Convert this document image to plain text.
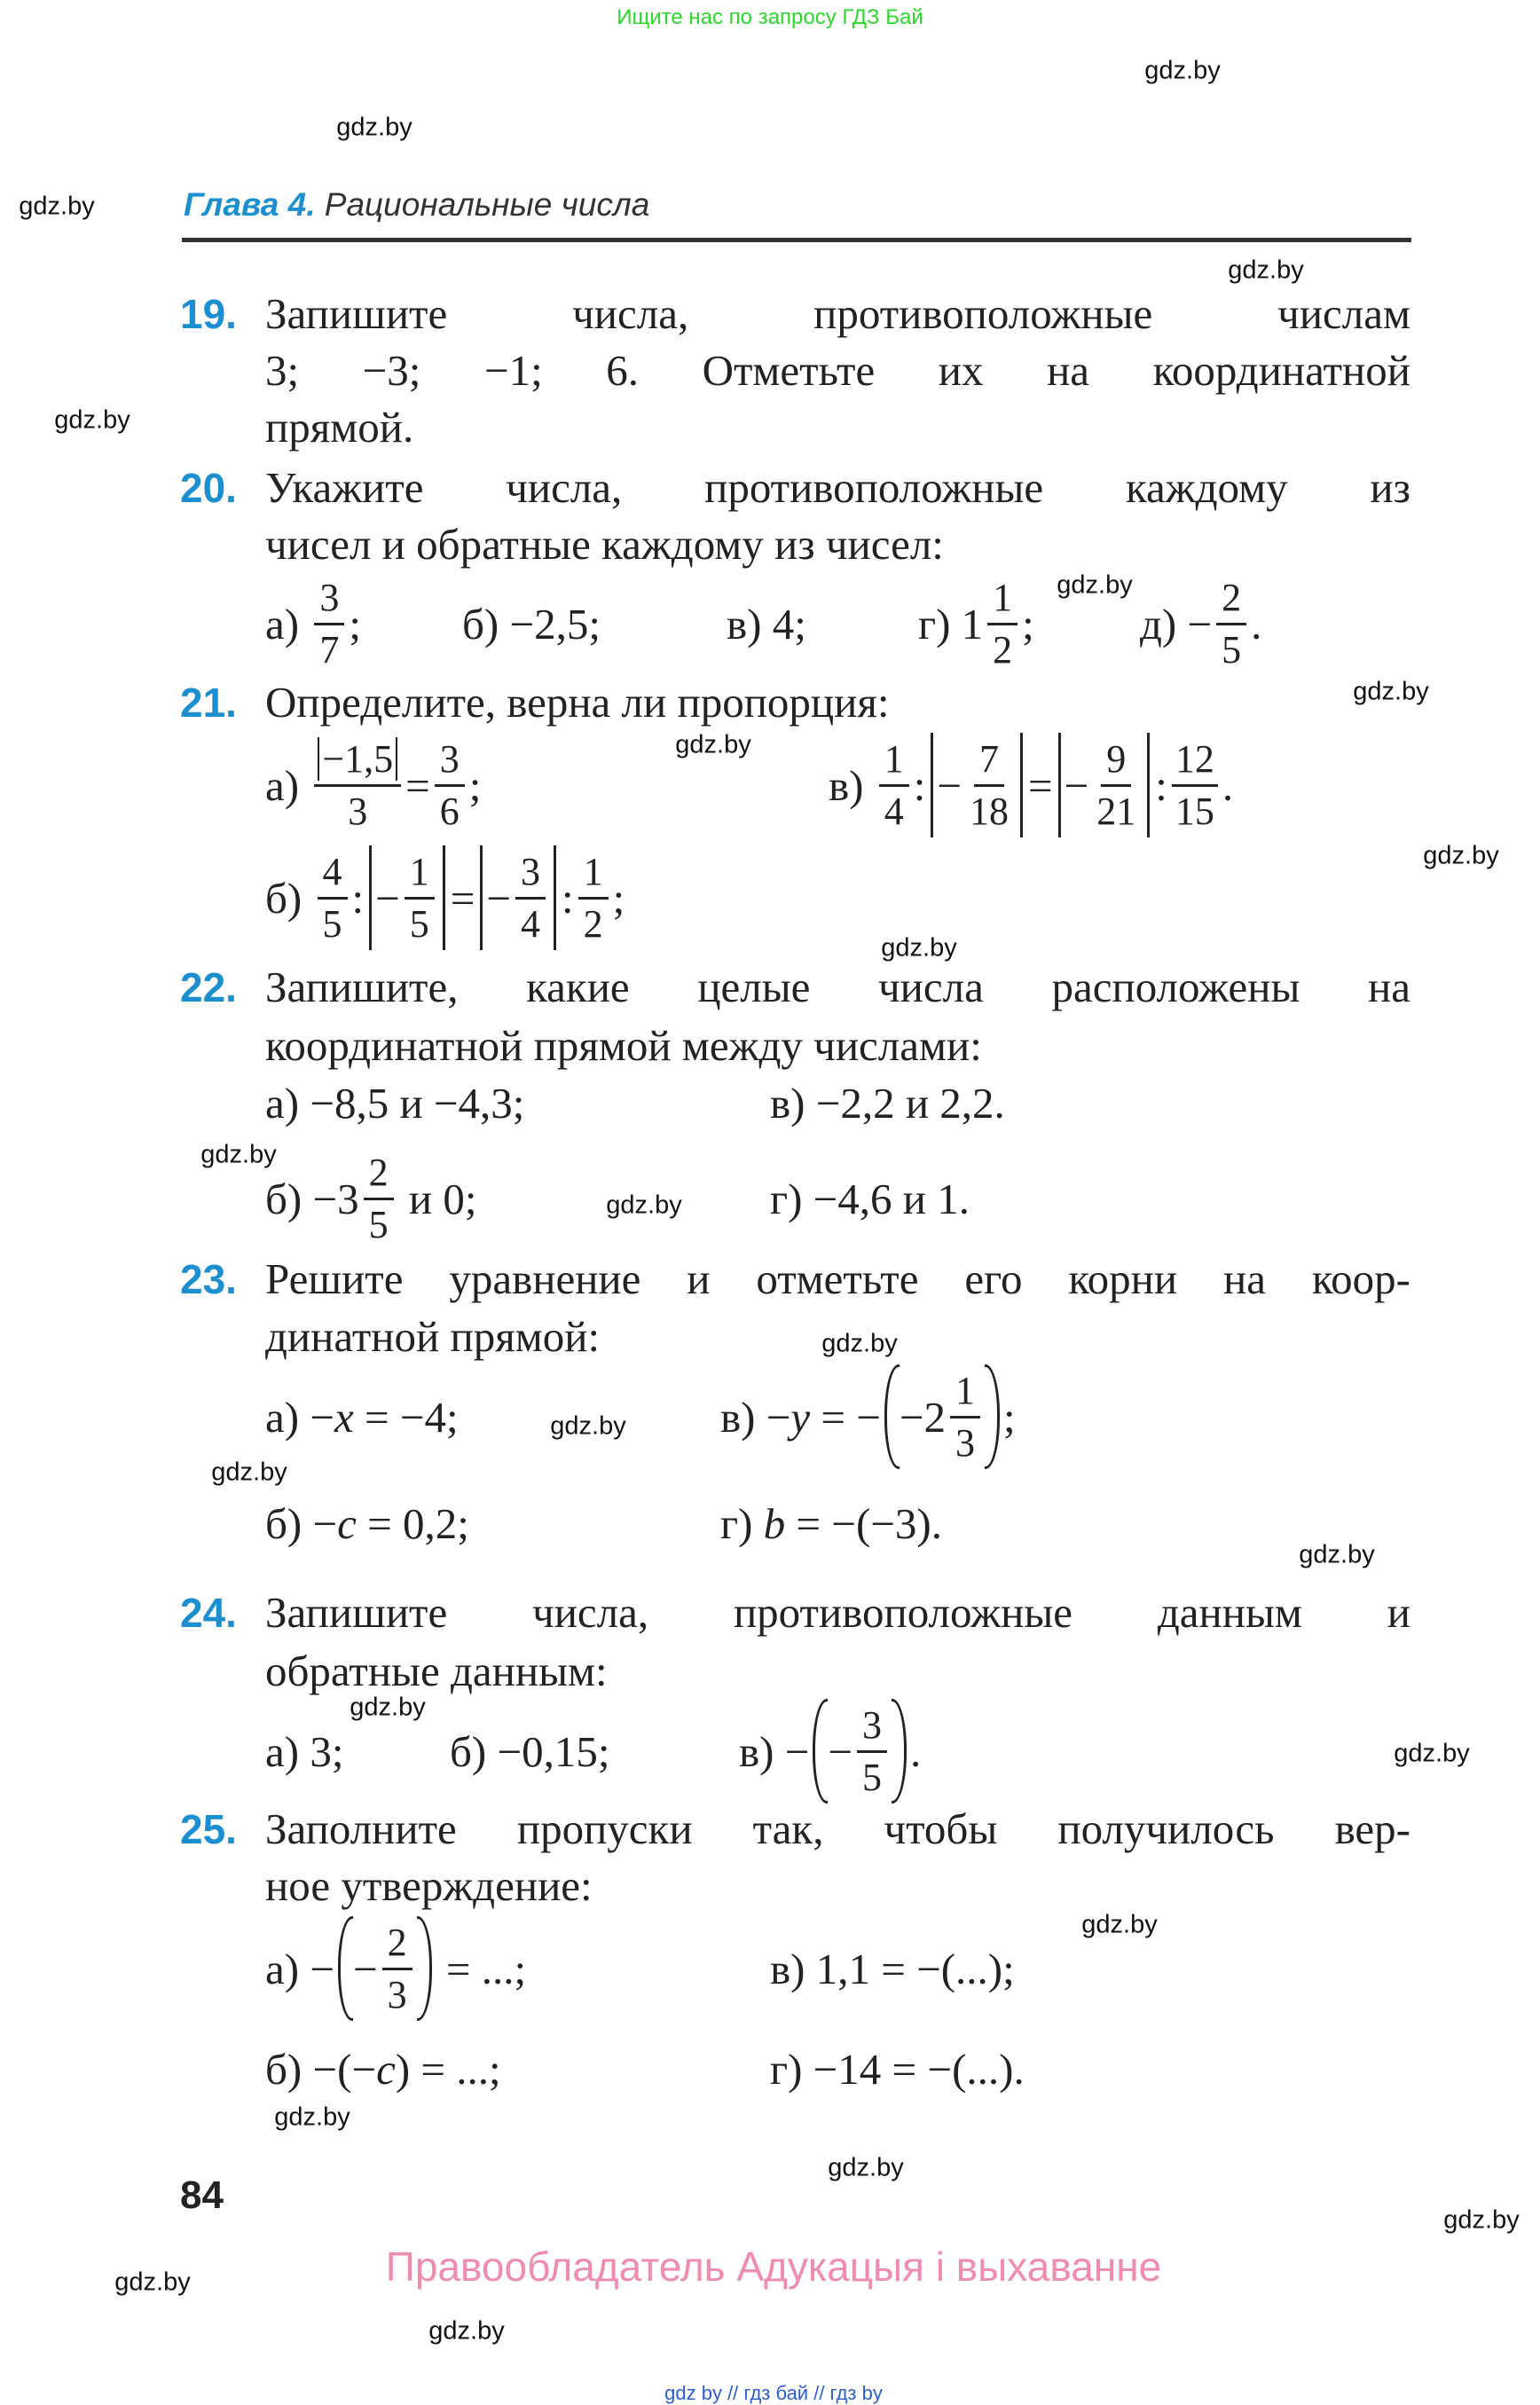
Ищите нас по запросу ГДЗ Бай
gdz.by
gdz.by
gdz.by
gdz.by
gdz.by
gdz.by
gdz.by
gdz.by
gdz.by
gdz.by
gdz.by
gdz.by
gdz.by
gdz.by
gdz.by
gdz.by
gdz.by
gdz.by
gdz.by
gdz.by
gdz.by
gdz.by
gdz.by
gdz.by
Глава 4. Рациональные числа
19. Запишите числа, противоположные числам
3; −3; −1; 6. Отметьте их на координатной
прямой.
20. Укажите числа, противоположные каждому из
чисел и обратные каждому из чисел:
$а) \frac{3}{7}$ ; б) −2,5;	в) 4;	г) $1 \frac{1}{2}$ ; $д) - \frac{2}{5}$ .
21. Определите, верна ли пропорция:
$а) \frac{-1,5}{3} = \frac{3}{6}$ ;	$в) \frac{1}{4}$ : − $\frac{7}{18}$ = − $\frac{9}{21}$ : $\frac{12}{15}$ .
$б) \frac{4}{5}$ : − $\frac{1}{5}$ = − $\frac{3}{4}$ : $\frac{1}{2}$ ;
22. Запишите, какие целые числа расположены на
координатной прямой между числами:
а) −8,5 и −4,3;	в) −2,2 и 2,2.
$б) -3 \frac{2}{5}$ и 0;	г) −4,6 и 1.
23. Решите уравнение и отметьте его корни на коор-
динатной прямой:
а) − x = −4;	в) − y = − $-2 \frac{1}{3}$ ;
б) − c = 0,2;	г) b = −(−3).
24. Запишите числа, противоположные данным и
обратные данным:
а) 3; б) −0,15;	в) − − $\frac{3}{5}$ .
25. Заполните пропуски так, чтобы получилось вер-
ное утверждение:
а) − − $\frac{2}{3}$ = ...;	в) 1,1 = −(...);
б) −(− c ) = ...;	г) −14 = −(...).
84
Правообладатель Адукацыя і выхаванне
gdz by // гдз бай // гдз by
